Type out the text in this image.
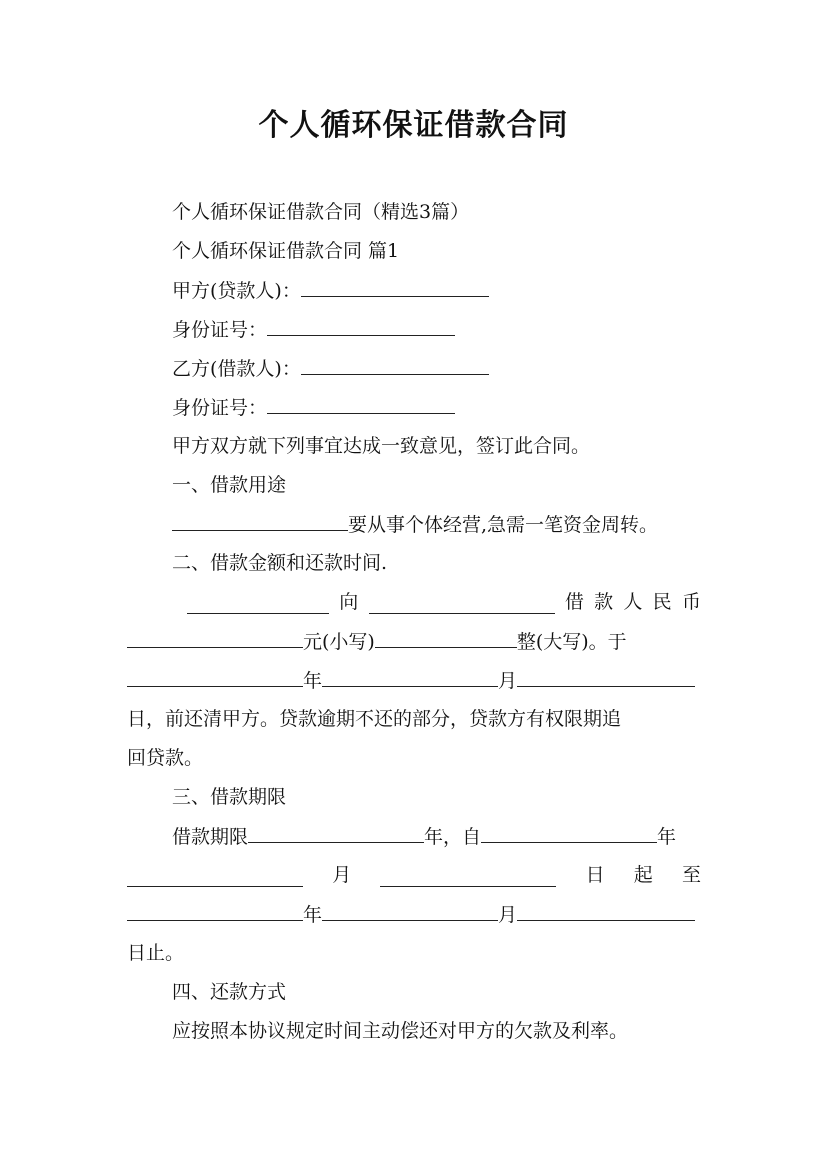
个人循环保证借款合同
个人循环保证借款合同（精选3篇）
个人循环保证借款合同 篇1
甲方(贷款人)：
身份证号：
乙方(借款人)：
身份证号：
甲方双方就下列事宜达成一致意见，签订此合同。
一、借款用途
要从事个体经营,急需一笔资金周转。
二、借款金额和还款时间.
向	借 款 人 民 币
元(小写)	整(大写)。于
年	月
日，前还清甲方。贷款逾期不还的部分，贷款方有权限期追
回贷款。
三、借款期限
借款期限	年，自	年
月	日 起 至
年	月
日止。
四、还款方式
应按照本协议规定时间主动偿还对甲方的欠款及利率。
